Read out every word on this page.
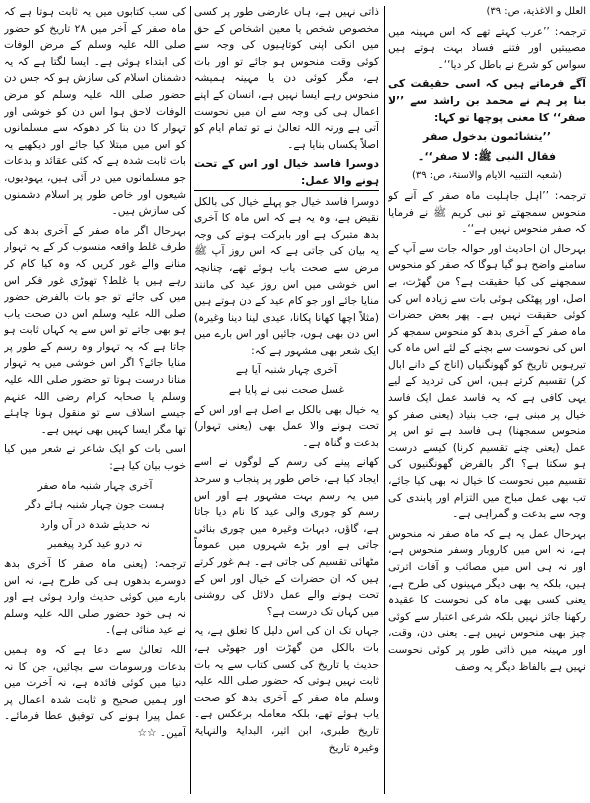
العلل و الاغذیة، ص: ۳۹)

ترجمہ: ’’عرب کہتے تھے کہ اس مہینہ میں مصیبتیں اور فتنے فساد بہت ہوتے ہیں سواس کو شرع نے باطل کر دیا‘‘۔

آگے فرماتے ہیں کہ اسی حقیقت کی بنا پر ہم نے محمد بن راشد سے ’’لا صفر‘‘ کا معنی پوچھا تو کہا:

’’یتشائمون بدخول صفر

فقال النبی ﷺ: لا صفر‘‘۔

(شعبہ التنبیہ الایام والاسنۃ، ص: ۳۹)

ترجمہ: ’’اہل جاہلیت ماہ صفر کے آنے کو منحوس سمجھتے تو نبی کریم ﷺ نے فرمایا کہ صفر منحوس نہیں ہے‘‘۔

بہرحال ان احادیث اور حوالہ جات سے آپ کے سامنے واضح ہو گیا ہوگا کہ صفر کو منحوس سمجھنے کی کیا حقیقت ہے؟ من گھڑت، بے اصل، اور پھٹکی ہوئی بات سے زیادہ اس کی کوئی حقیقت نہیں ہے۔ پھر بعض حضرات ماہ صفر کے آخری بدھ کو منحوس سمجھ کر اس کی نحوست سے بچنے کے لئے اس ماہ کی تیرہویں تاریخ کو گھونگنیاں (اناج کے دانے ابال کر) تقسیم کرتے ہیں، اس کی تردید کے لیے یہی کافی ہے کہ یہ فاسد عمل ایک فاسد خیال پر مبنی ہے، جب بنیاد (یعنی صفر کو منحوس سمجھنا) ہی فاسد ہے تو اس پر عمل (یعنی چنے تقسیم کرنا) کیسے درست ہو سکتا ہے؟ اگر بالفرض گھونگنیوں کی تقسیم میں نحوست کا خیال نہ بھی کیا جائے، تب بھی عمل مباح میں التزام اور پابندی کی وجہ سے بدعت و گمراہی ہے۔

بہرحال عمل یہ ہے کہ ماہ صفر نہ منحوس ہے، نہ اس میں کاروبار وسفر منحوس ہے، اور نہ ہی اس میں مصائب و آفات اترتی ہیں، بلکہ یہ بھی دیگر مہینوں کی طرح ہے، یعنی کسی بھی ماہ کی نحوست کا عقیدہ رکھنا جائز نہیں بلکہ شرعی اعتبار سے کوئی چیز بھی منحوس نہیں ہے۔ یعنی دن، وقت، اور مہینہ میں ذاتی طور پر کوئی نحوست نہیں ہے بالفاظ دیگر یہ وصف

ذاتی نہیں ہے، ہاں عارضی طور پر کسی مخصوص شخص یا معین اشخاص کے حق میں انکی اپنی کوتاہیوں کی وجہ سے کوئی وقت منحوس ہو جائے تو اور بات ہے، مگر کوئی دن یا مہینہ ہمیشہ منحوس رہے ایسا نہیں ہے، انسان کے اپنے اعمال ہی کی وجہ سے ان میں نحوست آتی ہے ورنہ اللہ تعالیٰ نے تو تمام ایام کو اصلاً یکساں بنایا ہے۔

دوسرا فاسد خیال اور اس کے تحت ہونے والا عمل:

دوسرا فاسد خیال جو پہلے خیال کی بالکل نقیض ہے، وہ یہ ہے کہ اس ماہ کا آخری بدھ متبرک ہے اور بابرکت ہونے کی وجہ یہ بیان کی جاتی ہے کہ اس روز آپ ﷺ مرض سے صحت یاب ہوئے تھے، چنانچہ اس خوشی میں اس روز عید کی مانند منایا جائے اور جو کام عید کے دن ہوتے ہیں (مثلاً اچھا کھانا پکانا، عیدی لینا دینا وغیرہ) اس دن بھی ہوں، جائیں اور اس بارے میں ایک شعر بھی مشہور ہے کہ:

آخری چہار شنبہ آیا ہے

غسل صحت نبی نے پایا ہے

یہ خیال بھی بالکل بے اصل ہے اور اس کے تحت ہونے والا عمل بھی (یعنی تہوار) بدعت و گناہ ہے۔

کھانے پینے کی رسم کے لوگوں نے اسے ایجاد کیا ہے، خاص طور پر پنجاب و سرحد میں یہ رسم بہت مشہور ہے اور اس رسم کو چوری والی عید کا نام دیا جاتا ہے، گاؤں، دیہات وغیرہ میں چوری بنائی جاتی ہے اور بڑے شہروں میں عموماً مٹھائی تقسیم کی جاتی ہے۔ ہم غور کرتے ہیں کہ ان حضرات کے خیال اور اس کے تحت ہونے والے عمل دلائل کی روشنی میں کہاں تک درست ہے؟

جہاں تک ان کی اس دلیل کا تعلق ہے، یہ بات بالکل من گھڑت اور جھوٹی ہے، حدیث یا تاریخ کی کسی کتاب سے یہ بات ثابت نہیں ہوتی کہ حضور صلی اللہ علیہ وسلم ماہ صفر کے آخری بدھ کو صحت یاب ہوئے تھے، بلکہ معاملہ برعکس ہے۔ تاریخ طبری، ابن اثیر، البدایۃ والنہایۃ وغیرہ تاریخ

کی سب کتابوں میں یہ ثابت ہوتا ہے کہ ماہ صفر کے آخر میں ۲۸ تاریخ کو حضور صلی اللہ علیہ وسلم کے مرض الوفات کی ابتداء ہوئی ہے۔ ایسا لگتا ہے کہ یہ دشمنان اسلام کی سازش ہو کہ جس دن حضور صلی اللہ علیہ وسلم کو مرض الوفات لاحق ہوا اس دن کو خوشی اور تہوار کا دن بنا کر دھوکہ سے مسلمانوں کو اس میں مبتلا کیا جائے اور دیکھیے یہ بات ثابت شدہ ہے کہ کئی عقائد و بدعات جو مسلمانوں میں در آئی ہیں، یہودیوں، شیعوں اور خاص طور پر اسلام دشمنوں کی سازش ہیں۔

بہرحال اگر ماہ صفر کے آخری بدھ کی طرف غلط واقعہ منسوب کر کے یہ تہوار منانے والے غور کریں کہ وہ کیا کام کر رہے ہیں یا غلط؟ تھوڑی غور فکر اس میں کی جائے تو جو بات بالفرض حضور صلی اللہ علیہ وسلم اس دن صحت یاب ہو بھی جاتے تو اس سے یہ کہاں ثابت ہو جاتا ہے کہ یہ تہوار وہ رسم کے طور پر منایا جائے؟ اگر اس خوشی میں یہ تہوار منانا درست ہوتا تو حضور صلی اللہ علیہ وسلم یا صحابہ کرام رضی اللہ عنہم جیسے اسلاف سے تو منقول ہونا چاہئے تھا مگر ایسا کہیں بھی نہیں ہے۔

اسی بات کو ایک شاعر نے شعر میں کیا خوب بیان کیا ہے:

آخری چہار شنبہ ماہ صفر

ہست جون چہار شنبہ ہائے دگر

نہ حدیثے شدہ در آں وارد

نہ درو عید کرد پیغمبر

ترجمہ: (یعنی ماہ صفر کا آخری بدھ دوسرے بدھوں ہی کی طرح ہے، نہ اس بارے میں کوئی حدیث وارد ہوئی ہے اور نہ ہی خود حضور صلی اللہ علیہ وسلم نے عید منائی ہے)۔

اللہ تعالیٰ سے دعا ہے کہ وہ ہمیں بدعات ورسومات سے بچائیں، جن کا نہ دنیا میں کوئی فائدہ ہے، نہ آخرت میں اور ہمیں صحیح و ثابت شدہ اعمال پر عمل پیرا ہونے کی توفیق عطا فرمائے۔ آمین۔ ☆☆
